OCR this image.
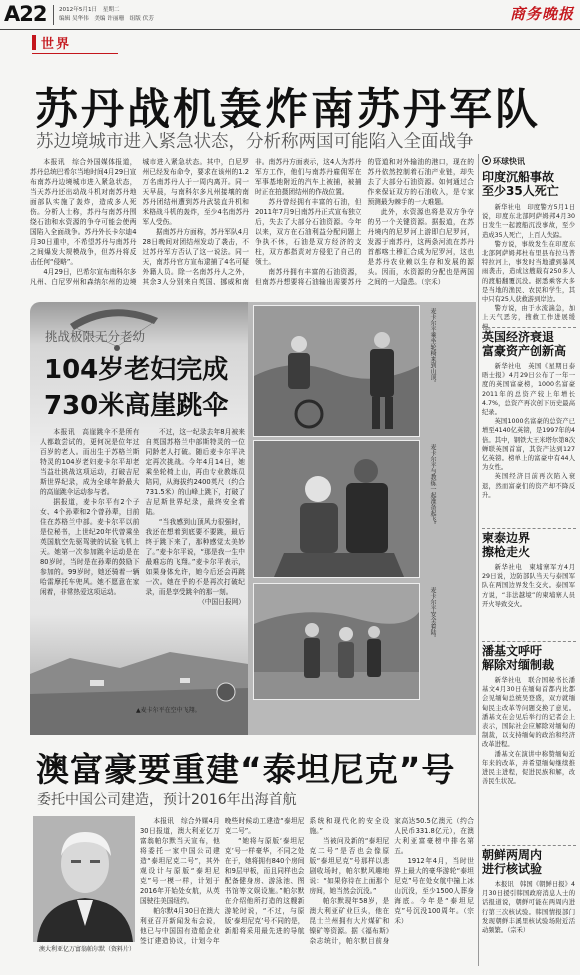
A22 2012年5月1日　星期二
编辑 吴华伟　美编 许丽珊　组版 伏芳	商务晚报
世界
苏丹战机轰炸南苏丹军队
苏边境城市进入紧急状态，分析称两国可能陷入全面战争

本报讯　综合外国媒体报道，苏丹总统巴希尔当地时间4月29日宣布南苏丹边境城市进入紧急状态，当天苏丹还出动战斗机对南苏丹地面部队实施了轰炸，造成多人死伤。分析人士称，苏丹与南苏丹围绕石油和水资源的争夺可能会使两国陷入全面战争。苏丹外长卡尔迪4月30日重申，不希望苏丹与南苏丹之间爆发大规模战争，但苏丹将反击任何“侵略”。

4月29日，巴希尔宣布南科尔多凡州、白尼罗州和森纳尔州的边境城市进入紧急状态。其中，白尼罗州已经发布命令，要求在该州的1.2万名南苏丹人于一周内离开。同一天早晨，与南科尔多凡州接壤的南苏丹团结州遭到苏丹武装直升机和米格战斗机的轰炸，至少4名南苏丹军人受伤。

据南苏丹方面称，苏丹军队4月28日晚间对团结州发动了袭击，不过苏丹军方否认了这一说法。同一天，南苏丹官方宣布逮捕了4名可疑外籍人员。除一名南苏丹人之外，其余3人分别来自英国、挪威和南非。南苏丹方面表示，这4人为苏丹军方工作，他们与南苏丹雇佣军在军事基地附近的汽车上被捕，被捕时正在拍摄团结州的作战位置。

苏丹曾经拥有丰富的石油，但2011年7月9日南苏丹正式宣布独立后，失去了大部分石油资源。今年以来，双方在石油利益分配问题上争执不休，石油是双方经济的支柱，双方都指责对方侵犯了自己的领土。

南苏丹拥有丰富的石油资源，但南苏丹想要将石油输出需要苏丹的管道和对外输油的港口，现在的苏丹依然控制着石油产业链，却失去了大部分石油资源。如何通过合作来保证双方的石油收入，是专家预测最为棘手的一大难题。

此外，水资源也将是双方争夺的另一个关键资源。据报道，在苏丹境内的尼罗河上游即白尼罗河，发源于南苏丹，这两条河流在苏丹首都喀土穆汇合成为尼罗河，这也是苏丹农业赖以生存和发展的源头。因而，水资源的分配也是两国之间的一大隐患。（宗禾）

挑战极限无分老幼
104岁老妇完成
730米高崖跳伞

本报讯　高崖跳伞不是所有人都敢尝试的，更何况是位年过百岁的老人。而出生于苏格兰斯特灵的104岁老妇麦卡尔平却老当益壮挑战这项运动，打破吉尼斯世界纪录，成为全球年龄最大的高崖跳伞运动参与者。

据报道，麦卡尔平有2个子女、4个孙辈和2个曾孙辈，目前住在苏格兰中部。麦卡尔平以前是位秘书，上世纪20年代曾乘坐英国航空先驱驾驶的试验飞机上天。她第一次参加跳伞运动是在80岁时，当时是在孙辈的鼓励下参加的。99岁时，她还骑着一辆哈雷摩托车兜风。她不愿意在家闲着，非常热爱这项运动。

不过，这一纪录去年8月被来自英国苏格兰中部斯特灵的一位同龄老人打破。随后麦卡尔平决定再次挑战。今年4月14日，她乘坐轮椅上山，再由专业教练员陪同，从海拔约2400英尺（约合731.5米）的山峰上跳下，打破了吉尼斯世界纪录，最终安全着陆。

“当我感到山顶风力很强时，我还在想着到底要不要跳，最后终于跳下来了，那种感觉太美妙了。”麦卡尔平说，“那是我一生中最难忘的飞翔。”麦卡尔平表示，如果身体允许，她今后还会再跳一次。她在乎的不是再次打破纪录，而是享受跳伞的那一刻。

（中国日报网）

▲麦卡尔平在空中飞翔。
麦卡尔平乘坐轮椅来到山顶。
麦卡尔平与教练一起准备起飞。
麦卡尔平安全着陆。
澳富豪要重建“泰坦尼克”号
委托中国公司建造，预计2016年出海首航
澳大利亚亿万富翁帕尔默（资料片）

本报讯　综合外媒4月30日报道，澳大利亚亿万富翁帕尔默当天宣布，他将委托一家中国公司建造“泰坦尼克二号”，其外观设计与原版“泰坦尼克”号一模一样，计划于2016年开始处女航，从英国驶往美国纽约。

帕尔默4月30日在澳大利亚召开新闻发布会说，他已与中国国有造船企业签订建造协议，计划今年晚些时候动工建造“泰坦尼克二号”。

“她将与原版‘泰坦尼克’号一样豪华，不同之处在于，她将拥有840个房间和9层甲板，而且同样也会配备健身房、游泳池、图书馆等文娱设施。”帕尔默在介绍他所打造的这艘新游轮时说，“不过，与原版‘泰坦尼克’号不同的是，新船将采用最先进的导航系统和现代化的安全设施。”

当被问及新的“泰坦尼克二号”是否也会像原版“泰坦尼克”号那样以悲剧收场时，帕尔默风趣地说：“如果你待在上面那个房间，她当然会沉没。”

帕尔默现年58岁，是澳大利亚矿业巨头，他在昆士兰州拥有大片煤矿和镍矿等资源。据《福布斯》杂志统计，帕尔默目前身家高达50.5亿澳元（约合人民币331.8亿元），在澳大利亚富豪榜中排名第五。

1912年4月，当时世界上最大的豪华游轮“泰坦尼克”号在处女航中撞上冰山沉没，至少1500人葬身海底。今年是“泰坦尼克”号沉没100周年。（宗禾）

环球快讯
印度沉船事故
至少35人死亡

新华社电　印度警方5月1日说，印度东北部阿萨姆邦4月30日发生一起渡船沉没事故，至少造成35人死亡，上百人失踪。

警方说，事故发生在印度东北部阿萨姆邦杜布里县布拉马普特拉河上，事发时当地遭到暴风雨袭击，造成这艘载有250多人的渡船翻覆沉没。据悉乘客大多是当地的渔民、农民和学生，其中只有25人获救游到岸边。

警方说，由于水流湍急，加上天气恶劣，搜救工作进展缓慢。

英国经济衰退
富豪资产创新高

新华社电　英国《星期日泰晤士报》4月29日公布了一年一度的英国富豪榜，1000名富豪2011年的总资产较上年增长4.7%，总资产再次创下历史最高纪录。

英国1000名富豪的总资产已增至4140亿英镑，是1997年的4倍。其中，钢铁大王米塔尔第8次蝉联英国首富，其资产达到127亿英镑。榜单上的富豪中有44人为女性。

英国经济目前再次陷入衰退，然而富豪们的资产却不降反升。

柬泰边界
擦枪走火

新华社电　柬埔寨军方4月29日说，边防部队当天与泰国军队在两国边界发生交火。泰国军方说，“非法越境”的柬埔寨人员开火导致交火。

潘基文呼吁
解除对缅制裁

新华社电　联合国秘书长潘基文4月30日在缅甸首都内比都会见缅甸总统吴登盛，双方就缅甸民主改革等问题交换了意见。潘基文在会见后举行的记者会上表示，国际社会应解除对缅甸的制裁，以支持缅甸的政治和经济改革进程。

潘基文在演讲中称赞缅甸近年来的改革，并希望缅甸继续推进民主进程，促进民族和解，改善民生状况。

朝鲜两周内
进行核试验

本报讯　韩国《朝鲜日报》4月30日援引韩国政府消息人士的话报道说，朝鲜可能在两周内进行第三次核试验。韩国情报部门发现朝鲜丰溪里核试验场附近活动频繁。（宗禾）
